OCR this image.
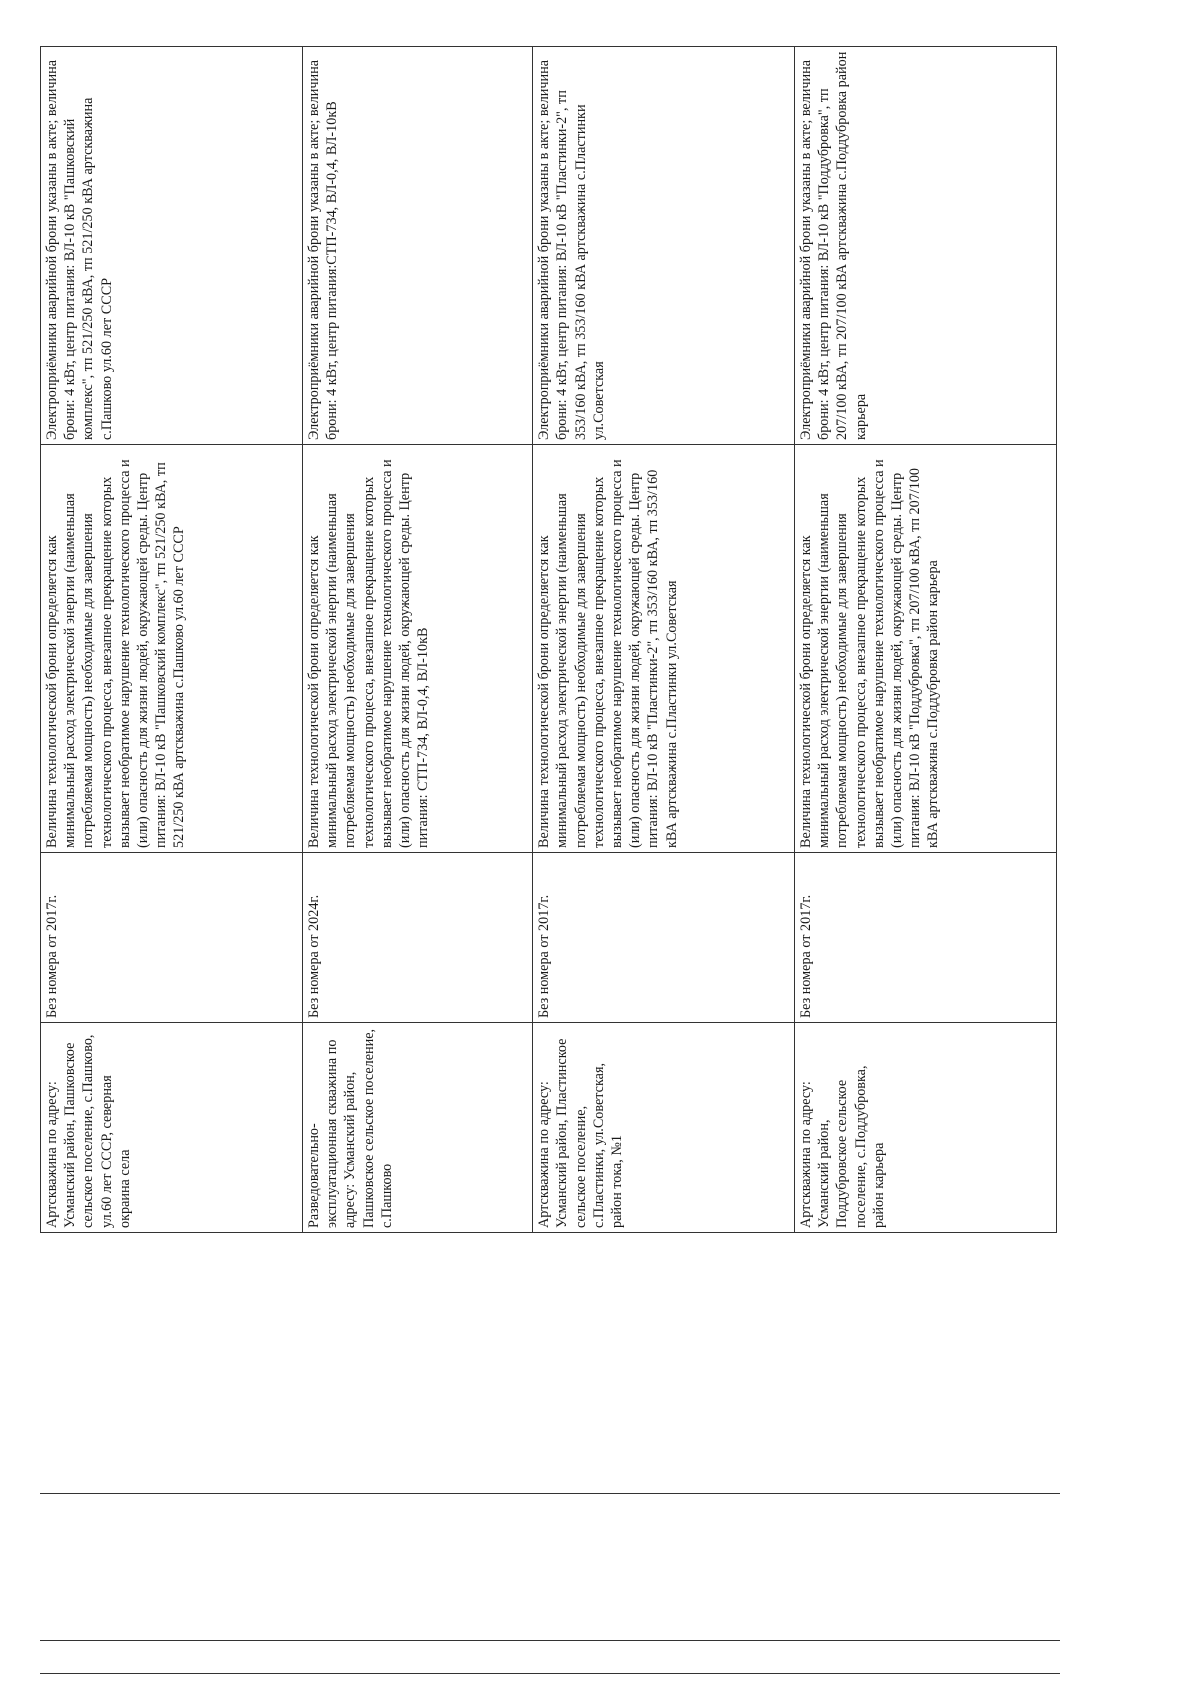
Артскважина по адресу: Усманский район, Пашковское сельское поселение, с.Пашково, ул.60 лет СССР, северная окраина села	Без номера от 2017г.	Величина технологической брони определяется как минимальный расход электрической энергии (наименьшая потребляемая мощность) необходимые для завершения технологического процесса, внезапное прекращение которых вызывает необратимое нарушение технологического процесса и (или) опасность для жизни людей, окружающей среды. Центр питания: ВЛ-10 кВ "Пашковский комплекс", тп 521/250 кВА, тп 521/250 кВА артскважина с.Пашково ул.60 лет СССР	Электроприёмники аварийной брони указаны в акте; величина брони: 4 кВт, центр питания: ВЛ-10 кВ "Пашковский комплекс", тп 521/250 кВА, тп 521/250 кВА артскважина с.Пашково ул.60 лет СССР
Разведовательно-эксплуатационная скважина по адресу: Усманский район, Пашковское сельское поселение, с.Пашково	Без номера от 2024г.	Величина технологической брони определяется как минимальный расход электрической энергии (наименьшая потребляемая мощность) необходимые для завершения технологического процесса, внезапное прекращение которых вызывает необратимое нарушение технологического процесса и (или) опасность для жизни людей, окружающей среды. Центр питания: СТП-734, ВЛ-0,4, ВЛ-10кВ	Электроприёмники аварийной брони указаны в акте; величина брони: 4 кВт, центр питания:СТП-734, ВЛ-0,4, ВЛ-10кВ
Артскважина по адресу: Усманский район, Пластинское сельское поселение, с.Пластинки, ул.Советская, район тока, №1	Без номера от 2017г.	Величина технологической брони определяется как минимальный расход электрической энергии (наименьшая потребляемая мощность) необходимые для завершения технологического процесса, внезапное прекращение которых вызывает необратимое нарушение технологического процесса и (или) опасность для жизни людей, окружающей среды. Центр питания: ВЛ-10 кВ "Пластинки-2", тп 353/160 кВА, тп 353/160 кВА артскважина с.Пластинки ул.Советская	Электроприёмники аварийной брони указаны в акте; величина брони: 4 кВт, центр питания: ВЛ-10 кВ "Пластинки-2", тп 353/160 кВА, тп 353/160 кВА артскважина с.Пластинки ул.Советская
Артскважина по адресу: Усманский район, Поддубровское сельское поселение, с.Поддубровка, район карьера	Без номера от 2017г.	Величина технологической брони определяется как минимальный расход электрической энергии (наименьшая потребляемая мощность) необходимые для завершения технологического процесса, внезапное прекращение которых вызывает необратимое нарушение технологического процесса и (или) опасность для жизни людей, окружающей среды. Центр питания: ВЛ-10 кВ "Поддубровка", тп 207/100 кВА, тп 207/100 кВА артскважина с.Поддубровка район карьера	Электроприёмники аварийной брони указаны в акте; величина брони: 4 кВт, центр питания: ВЛ-10 кВ "Поддубровка", тп 207/100 кВА, тп 207/100 кВА артскважина с.Поддубровка район карьера
